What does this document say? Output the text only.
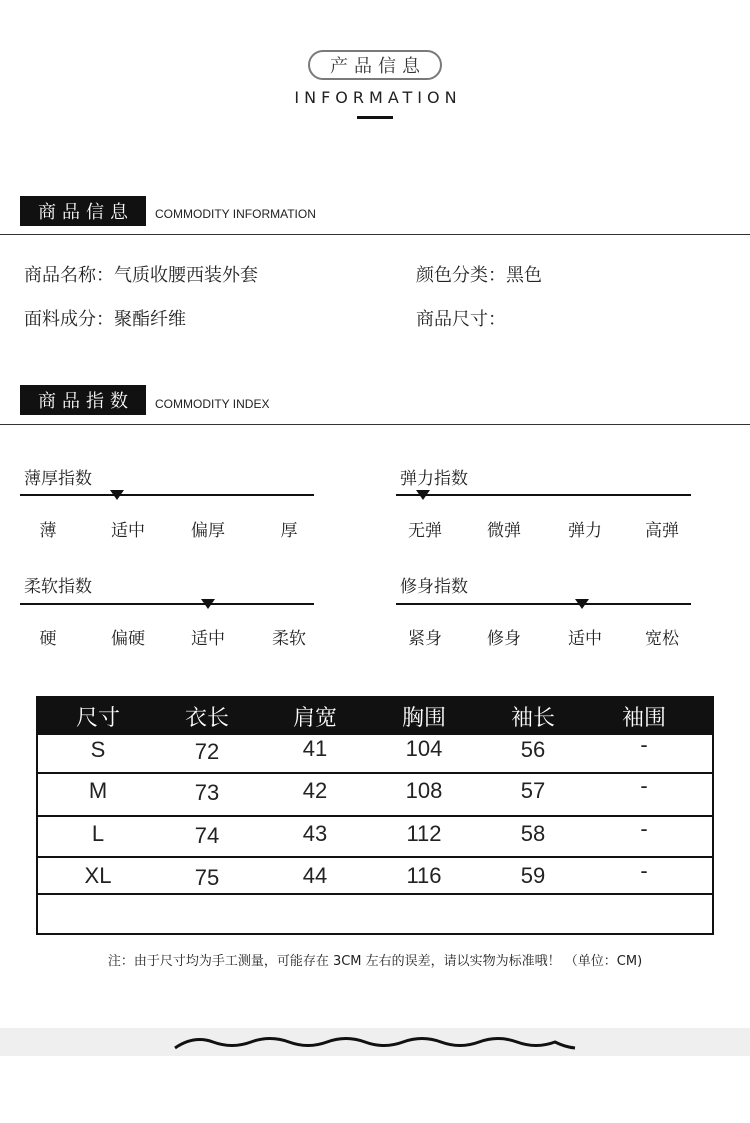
产品信息
INFORMATION
商品信息	COMMODITY INFORMATION
商品名称：气质收腰西装外套	颜色分类：黑色
面料成分：聚酯纤维	商品尺寸：
商品指数	COMMODITY INDEX
薄厚指数
薄	适中	偏厚	厚
弹力指数
无弹	微弹	弹力	高弹
柔软指数
硬	偏硬	适中	柔软
修身指数
紧身	修身	适中	宽松
尺寸	衣长	肩宽	胸围	袖长	袖围
S	72	41	104	56	-
M	73	42	108	57	-
L	74	43	112	58	-
XL	75	44	116	59	-
注：由于尺寸均为手工测量，可能存在 3CM 左右的误差，请以实物为标准哦！ （单位：CM)
